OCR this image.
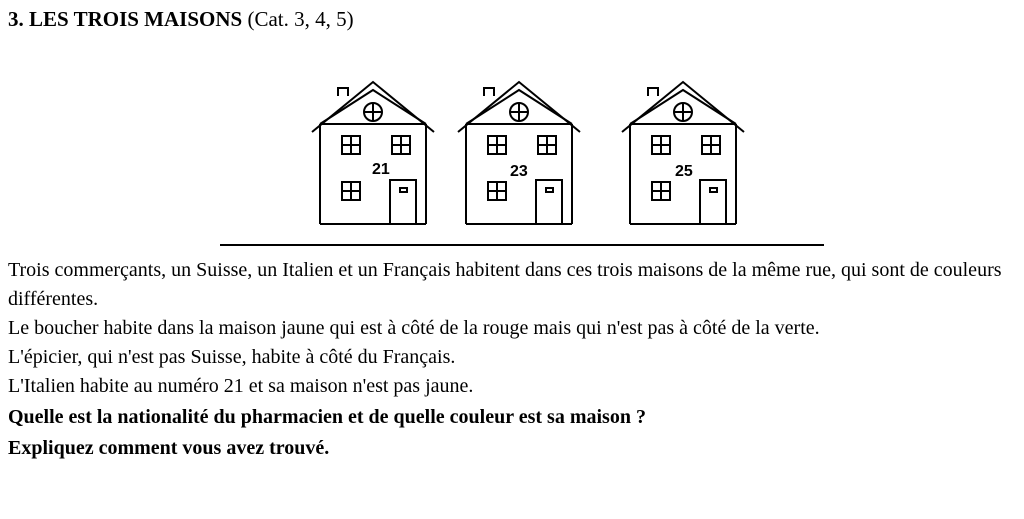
3. LES TROIS MAISONS (Cat. 3, 4, 5)
21	23	25

Trois commerçants, un Suisse, un Italien et un Français habitent dans ces trois maisons de la même rue, qui sont de couleurs différentes.

Le boucher habite dans la maison jaune qui est à côté de la rouge mais qui n'est pas à côté de la verte.

L'épicier, qui n'est pas Suisse, habite à côté du Français.

L'Italien habite au numéro 21 et sa maison n'est pas jaune.

Quelle est la nationalité du pharmacien et de quelle couleur est sa maison ?

Expliquez comment vous avez trouvé.
